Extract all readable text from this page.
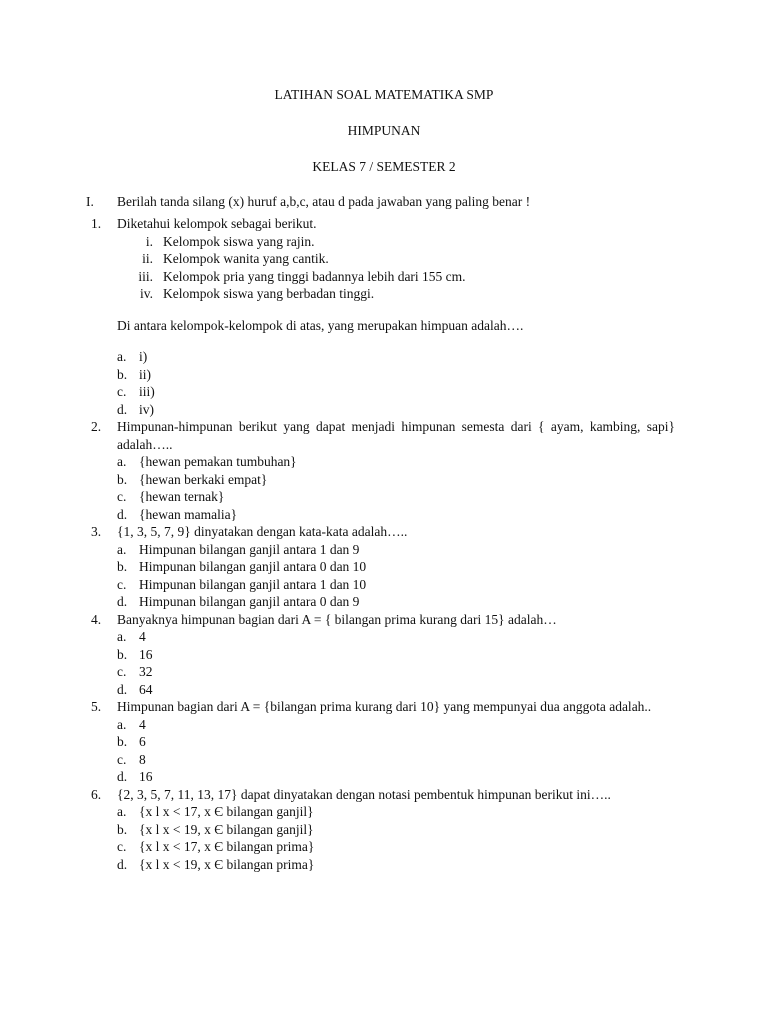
LATIHAN SOAL MATEMATIKA SMP
HIMPUNAN
KELAS 7 / SEMESTER 2
I. Berilah tanda silang (x) huruf a,b,c, atau d pada jawaban yang paling benar !
1. Diketahui kelompok sebagai berikut.
i. Kelompok siswa yang rajin.
ii. Kelompok wanita yang cantik.
iii. Kelompok pria yang tinggi badannya lebih dari 155 cm.
iv. Kelompok siswa yang berbadan tinggi.
Di antara kelompok-kelompok di atas, yang merupakan himpuan adalah….
a. i)
b. ii)
c. iii)
d. iv)
2. Himpunan-himpunan berikut yang dapat menjadi himpunan semesta dari { ayam, kambing, sapi} adalah…..
a. {hewan pemakan tumbuhan}
b. {hewan berkaki empat}
c. {hewan ternak}
d. {hewan mamalia}
3. {1, 3, 5, 7, 9} dinyatakan dengan kata-kata adalah…..
a. Himpunan bilangan ganjil antara 1 dan 9
b. Himpunan bilangan ganjil antara 0 dan 10
c. Himpunan bilangan ganjil antara 1 dan 10
d. Himpunan bilangan ganjil antara 0 dan 9
4. Banyaknya himpunan bagian dari A = { bilangan prima kurang dari 15} adalah…
a. 4
b. 16
c. 32
d. 64
5. Himpunan bagian dari A = {bilangan prima kurang dari 10} yang mempunyai dua anggota adalah..
a. 4
b. 6
c. 8
d. 16
6. {2, 3, 5, 7, 11, 13, 17} dapat dinyatakan dengan notasi pembentuk himpunan berikut ini…..
a. {x l x < 17, x Є bilangan ganjil}
b. {x l x < 19, x Є bilangan ganjil}
c. {x l x < 17, x Є bilangan prima}
d. {x l x < 19, x Є bilangan prima}
